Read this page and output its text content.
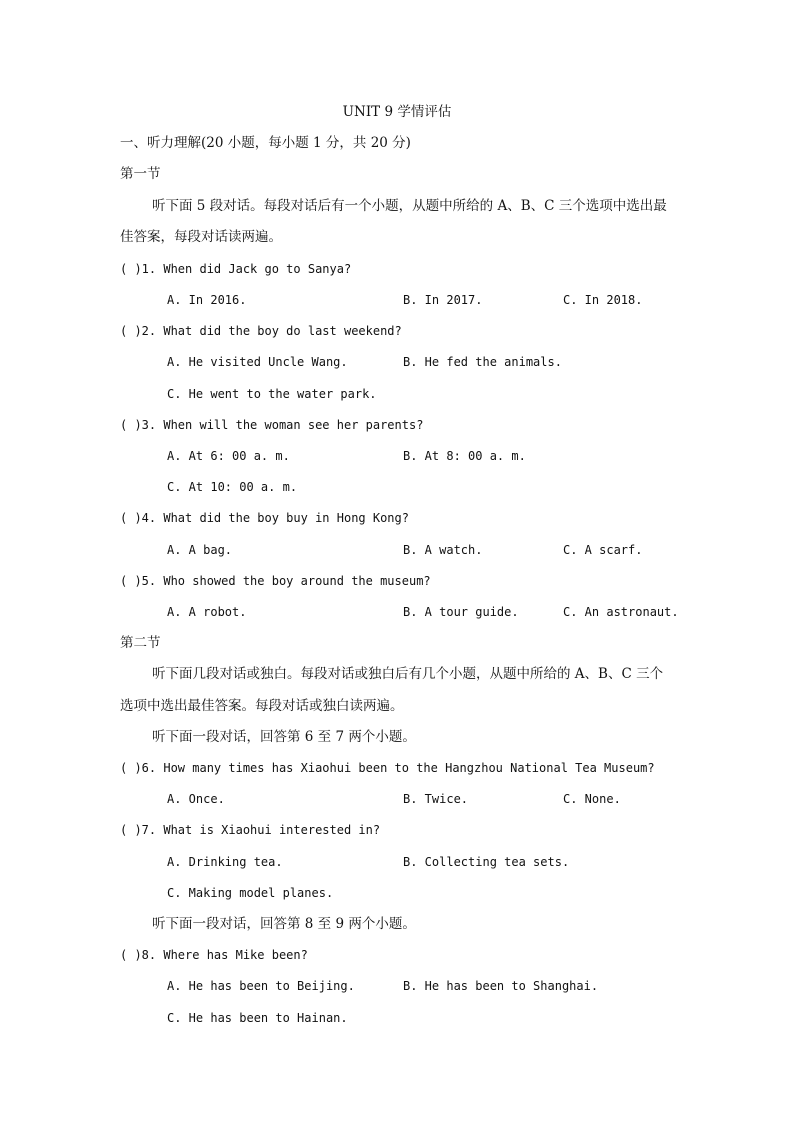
UNIT 9 学情评估
一、听力理解(20 小题，每小题 1 分，共 20 分)
第一节
听下面 5 段对话。每段对话后有一个小题，从题中所给的 A、B、C 三个选项中选出最
佳答案，每段对话读两遍。
( )1. When did Jack go to Sanya?
A. In 2016.	B. In 2017.	C. In 2018.
( )2. What did the boy do last weekend?
A. He visited Uncle Wang.	B. He fed the animals.
C. He went to the water park.
( )3. When will the woman see her parents?
A. At 6: 00 a. m.	B. At 8: 00 a. m.
C. At 10: 00 a. m.
( )4. What did the boy buy in Hong Kong?
A. A bag.	B. A watch.	C. A scarf.
( )5. Who showed the boy around the museum?
A. A robot.	B. A tour guide.	C. An astronaut.
第二节
听下面几段对话或独白。每段对话或独白后有几个小题，从题中所给的 A、B、C 三个
选项中选出最佳答案。每段对话或独白读两遍。
听下面一段对话，回答第 6 至 7 两个小题。
( )6. How many times has Xiaohui been to the Hangzhou National Tea Museum?
A. Once.	B. Twice.	C. None.
( )7. What is Xiaohui interested in?
A. Drinking tea.	B. Collecting tea sets.
C. Making model planes.
听下面一段对话，回答第 8 至 9 两个小题。
( )8. Where has Mike been?
A. He has been to Beijing.	B. He has been to Shanghai.
C. He has been to Hainan.
